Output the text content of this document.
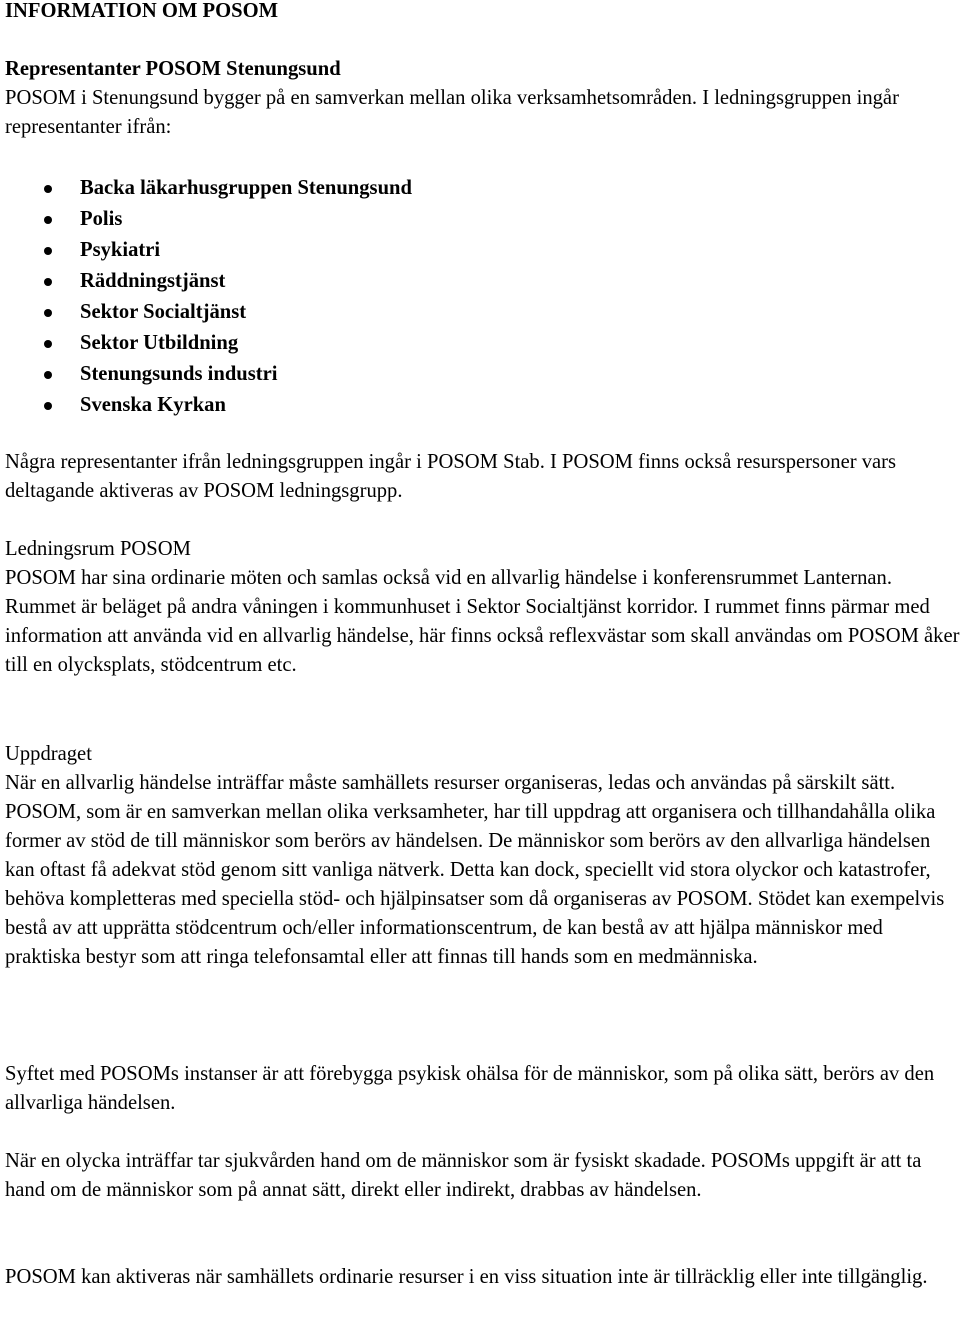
INFORMATION OM POSOM

Representanter POSOM Stenungsund

POSOM i Stenungsund bygger på en samverkan mellan olika verksamhetsområden. I ledningsgruppen ingår representanter ifrån:

Backa läkarhusgruppen Stenungsund
Polis
Psykiatri
Räddningstjänst
Sektor Socialtjänst
Sektor Utbildning
Stenungsunds industri
Svenska Kyrkan

Några representanter ifrån ledningsgruppen ingår i POSOM Stab. I POSOM finns också resurspersoner vars deltagande aktiveras av POSOM ledningsgrupp.

Ledningsrum POSOM

POSOM har sina ordinarie möten och samlas också vid en allvarlig händelse i konferensrummet Lanternan. Rummet är beläget på andra våningen i kommunhuset i Sektor Socialtjänst korridor. I rummet finns pärmar med information att använda vid en allvarlig händelse, här finns också reflexvästar som skall användas om POSOM åker till en olycksplats, stödcentrum etc.

Uppdraget

När en allvarlig händelse inträffar måste samhällets resurser organiseras, ledas och användas på särskilt sätt. POSOM, som är en samverkan mellan olika verksamheter, har till uppdrag att organisera och tillhandahålla olika former av stöd de till människor som berörs av händelsen. De människor som berörs av den allvarliga händelsen kan oftast få adekvat stöd genom sitt vanliga nätverk. Detta kan dock, speciellt vid stora olyckor och katastrofer, behöva kompletteras med speciella stöd- och hjälpinsatser som då organiseras av POSOM. Stödet kan exempelvis bestå av att upprätta stödcentrum och/eller informationscentrum, de kan bestå av att hjälpa människor med praktiska bestyr som att ringa telefonsamtal eller att finnas till hands som en medmänniska.

Syftet med POSOMs instanser är att förebygga psykisk ohälsa för de människor, som på olika sätt, berörs av den allvarliga händelsen.

När en olycka inträffar tar sjukvården hand om de människor som är fysiskt skadade. POSOMs uppgift är att ta hand om de människor som på annat sätt, direkt eller indirekt, drabbas av händelsen.

POSOM kan aktiveras när samhällets ordinarie resurser i en viss situation inte är tillräcklig eller inte tillgänglig.
